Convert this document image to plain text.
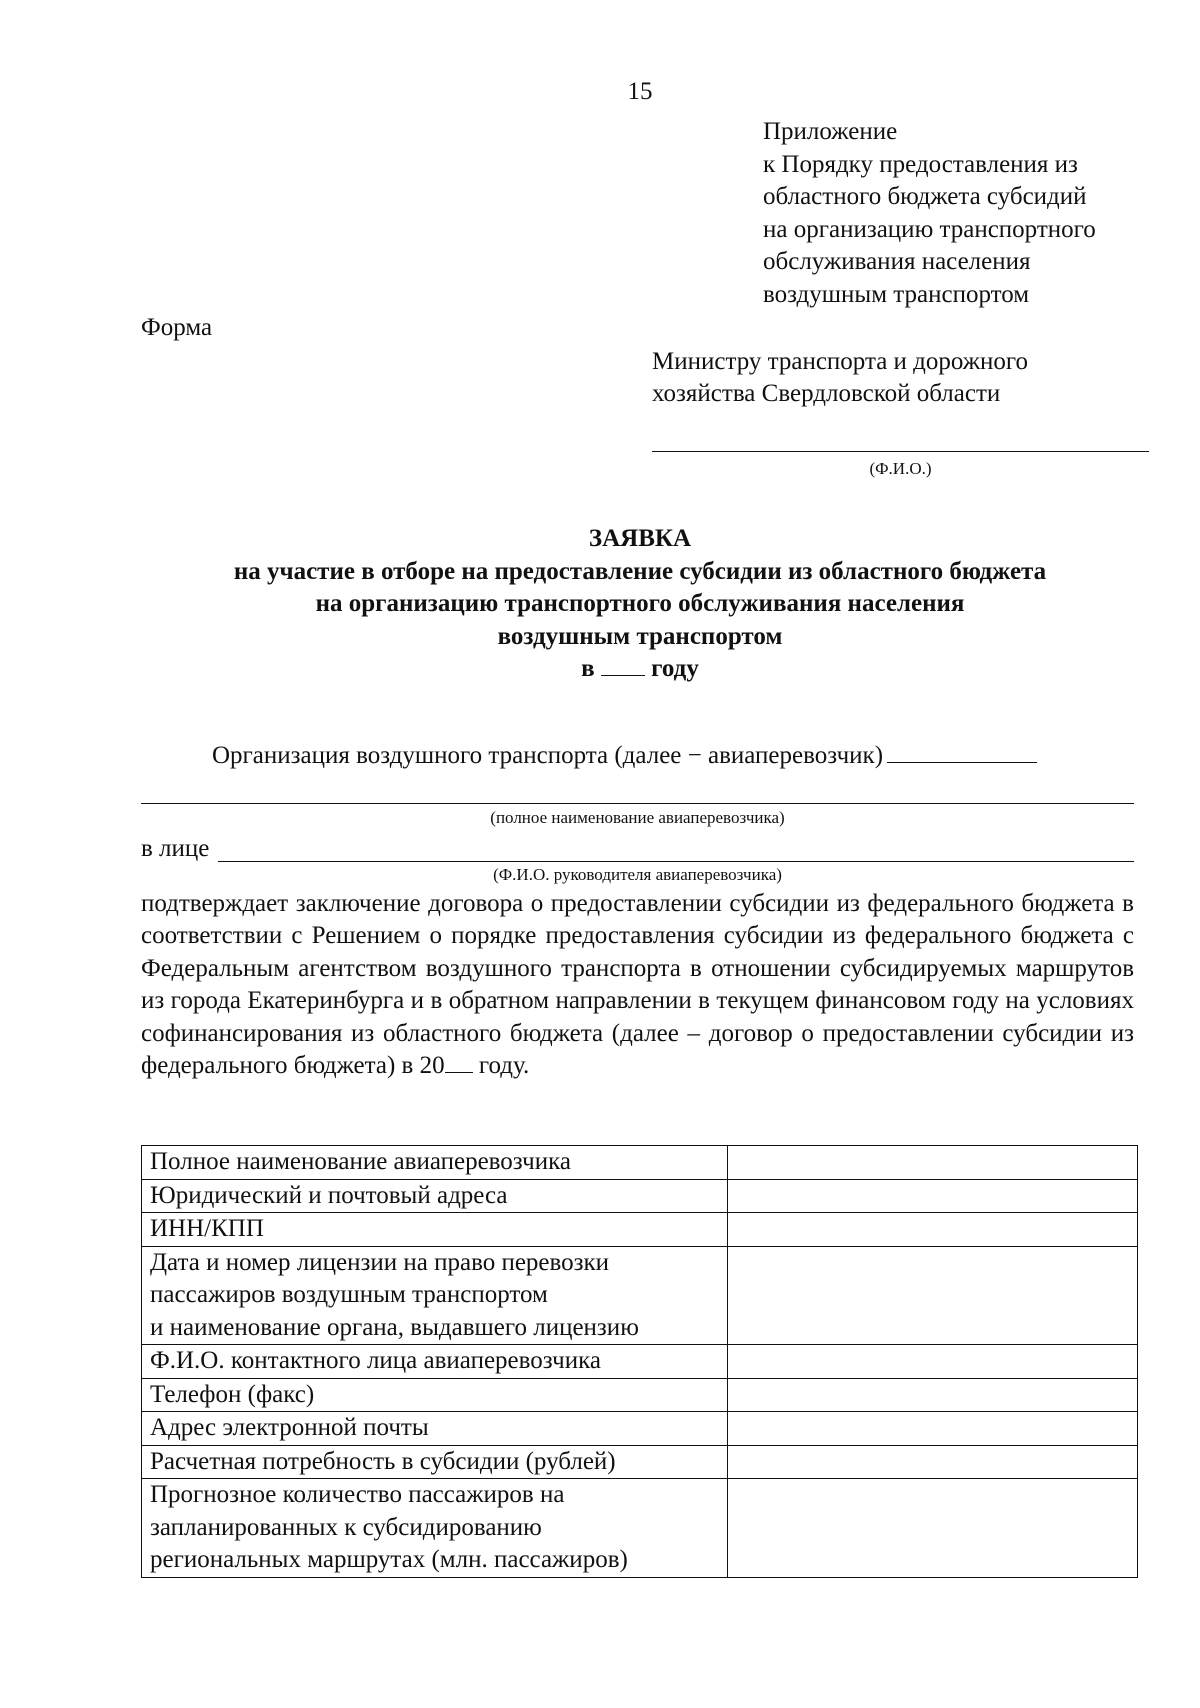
15
Приложение
к Порядку предоставления из
областного бюджета субсидий
на организацию транспортного
обслуживания населения
воздушным транспортом
Форма
Министру транспорта и дорожного
хозяйства Свердловской области
(Ф.И.О.)
ЗАЯВКА
на участие в отборе на предоставление субсидии из областного бюджета
на организацию транспортного обслуживания населения
воздушным транспортом
в году
Организация воздушного транспорта (далее − авиаперевозчик)
(полное наименование авиаперевозчика)
в лице
(Ф.И.О. руководителя авиаперевозчика)
подтверждает заключение договора о предоставлении субсидии из федерального бюджета в соответствии с Решением о порядке предоставления субсидии из федерального бюджета с Федеральным агентством воздушного транспорта в отношении субсидируемых маршрутов из города Екатеринбурга и в обратном направлении в текущем финансовом году на условиях софинансирования из областного бюджета (далее – договор о предоставлении субсидии из федерального бюджета) в 20 году.
Полное наименование авиаперевозчика	

Юридический и почтовый адреса	

ИНН/КПП	

Дата и номер лицензии на право перевозки
пассажиров воздушным транспортом
и наименование органа, выдавшего лицензию	

Ф.И.О. контактного лица авиаперевозчика	

Телефон (факс)	

Адрес электронной почты	

Расчетная потребность в субсидии (рублей)	

Прогнозное количество пассажиров на
запланированных к субсидированию
региональных маршрутах (млн. пассажиров)	
